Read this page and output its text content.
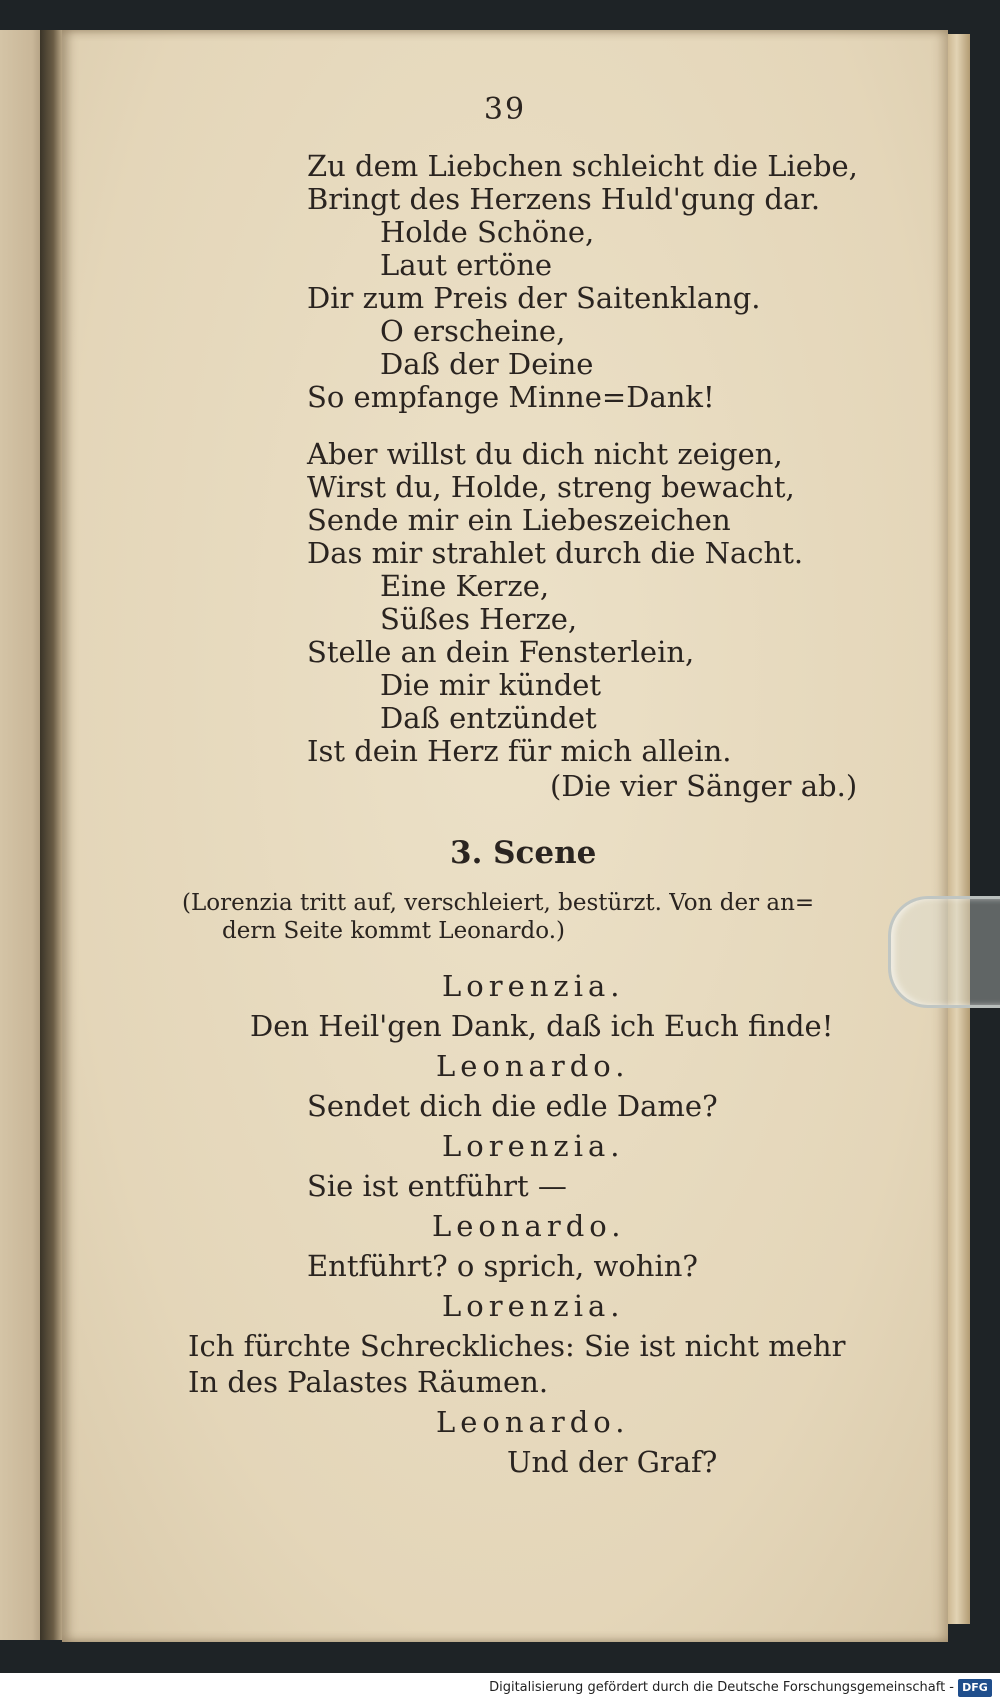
39
Zu dem Liebchen schleicht die Liebe,
Bringt des Herzens Huld'gung dar.
Holde Schöne,
Laut ertöne
Dir zum Preis der Saitenklang.
O erscheine,
Daß der Deine
So empfange Minne=Dank!
Aber willst du dich nicht zeigen,
Wirst du, Holde, streng bewacht,
Sende mir ein Liebeszeichen
Das mir strahlet durch die Nacht.
Eine Kerze,
Süßes Herze,
Stelle an dein Fensterlein,
Die mir kündet
Daß entzündet
Ist dein Herz für mich allein.
(Die vier Sänger ab.)
3. Scene
(Lorenzia tritt auf, verschleiert, bestürzt. Von der an=
dern Seite kommt Leonardo.)
Lorenzia.
Den Heil'gen Dank, daß ich Euch finde!
Leonardo.
Sendet dich die edle Dame?
Lorenzia.
Sie ist entführt —
Leonardo.
Entführt? o sprich, wohin?
Lorenzia.
Ich fürchte Schreckliches: Sie ist nicht mehr
In des Palastes Räumen.
Leonardo.
Und der Graf?
Digitalisierung gefördert durch die Deutsche Forschungsgemeinschaft - DFG
